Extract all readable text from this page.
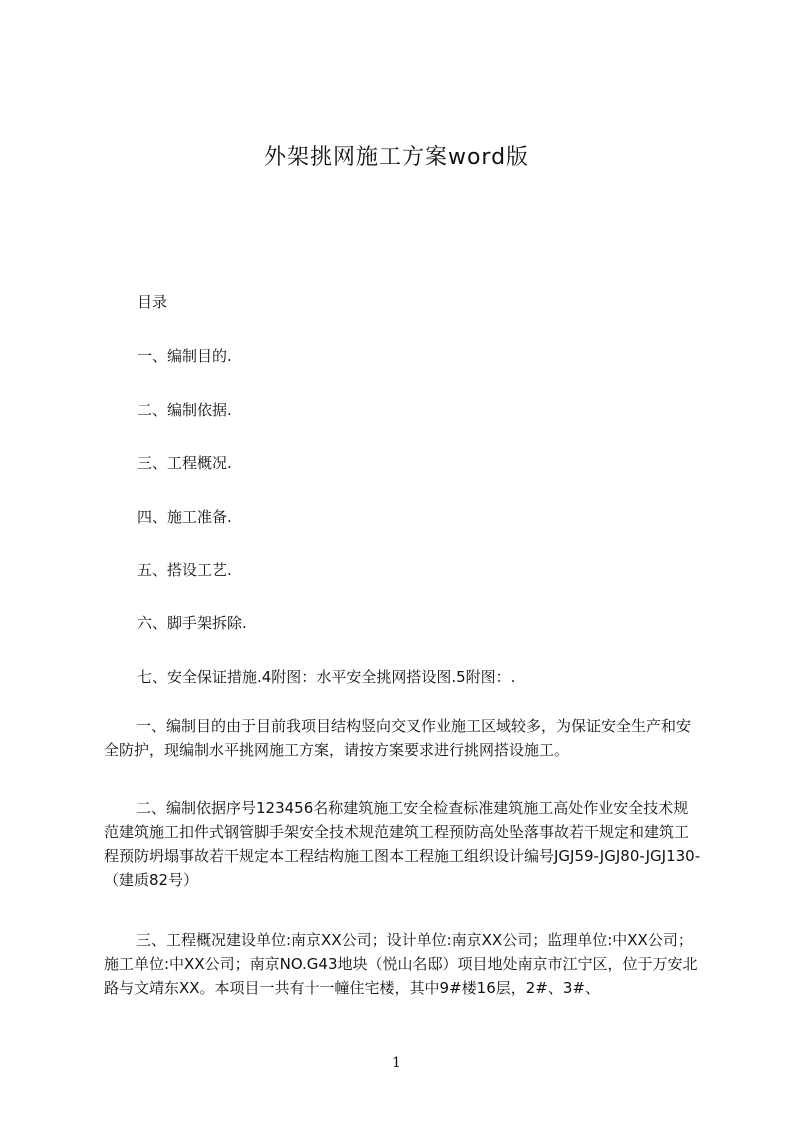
外架挑网施工方案word版
目录
一、编制目的.
二、编制依据.
三、工程概况.
四、施工准备.
五、搭设工艺.
六、脚手架拆除.
七、安全保证措施.4附图：水平安全挑网搭设图.5附图：.
一、编制目的由于目前我项目结构竖向交叉作业施工区域较多，为保证安全生产和安全防护，现编制水平挑网施工方案，请按方案要求进行挑网搭设施工。
二、编制依据序号123456名称建筑施工安全检查标准建筑施工高处作业安全技术规范建筑施工扣件式钢管脚手架安全技术规范建筑工程预防高处坠落事故若干规定和建筑工程预防坍塌事故若干规定本工程结构施工图本工程施工组织设计编号JGJ59-JGJ80-JGJ130-（建质82号）
三、工程概况建设单位:南京XX公司；设计单位:南京XX公司；监理单位:中XX公司；施工单位:中XX公司；南京NO.G43地块（悦山名邸）项目地处南京市江宁区，位于万安北路与文靖东XX。本项目一共有十一幢住宅楼，其中9#楼16层，2#、3#、
1
